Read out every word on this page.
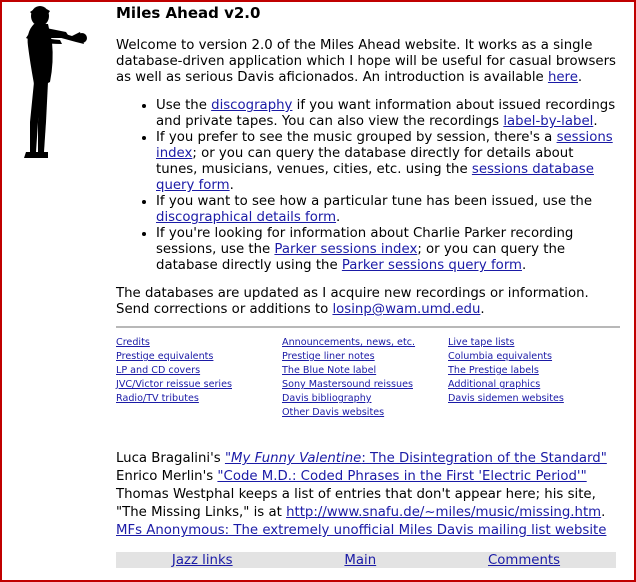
Miles Ahead v2.0

Welcome to version 2.0 of the Miles Ahead website. It works as a single database-driven application which I hope will be useful for casual browsers as well as serious Davis aficionados. An introduction is available here.

• Use the discography if you want information about issued recordings and private tapes. You can also view the recordings label-by-label.
• If you prefer to see the music grouped by session, there's a sessions index; or you can query the database directly for details about tunes, musicians, venues, cities, etc. using the sessions database query form.
• If you want to see how a particular tune has been issued, use the discographical details form.
• If you're looking for information about Charlie Parker recording sessions, use the Parker sessions index; or you can query the database directly using the Parker sessions query form.

The databases are updated as I acquire new recordings or information. Send corrections or additions to losinp@wam.umd.edu.

Credits
Prestige equivalents
LP and CD covers
JVC/Victor reissue series
Radio/TV tributes
Announcements, news, etc.
Prestige liner notes
The Blue Note label
Sony Mastersound reissues
Davis bibliography
Other Davis websites
Live tape lists
Columbia equivalents
The Prestige labels
Additional graphics
Davis sidemen websites
Luca Bragalini's "My Funny Valentine: The Disintegration of the Standard"
Enrico Merlin's "Code M.D.: Coded Phrases in the First 'Electric Period'"
Thomas Westphal keeps a list of entries that don't appear here; his site,
"The Missing Links," is at http://www.snafu.de/~miles/music/missing.htm.
MFs Anonymous: The extremely unofficial Miles Davis mailing list website
Jazz links	Main	Comments
